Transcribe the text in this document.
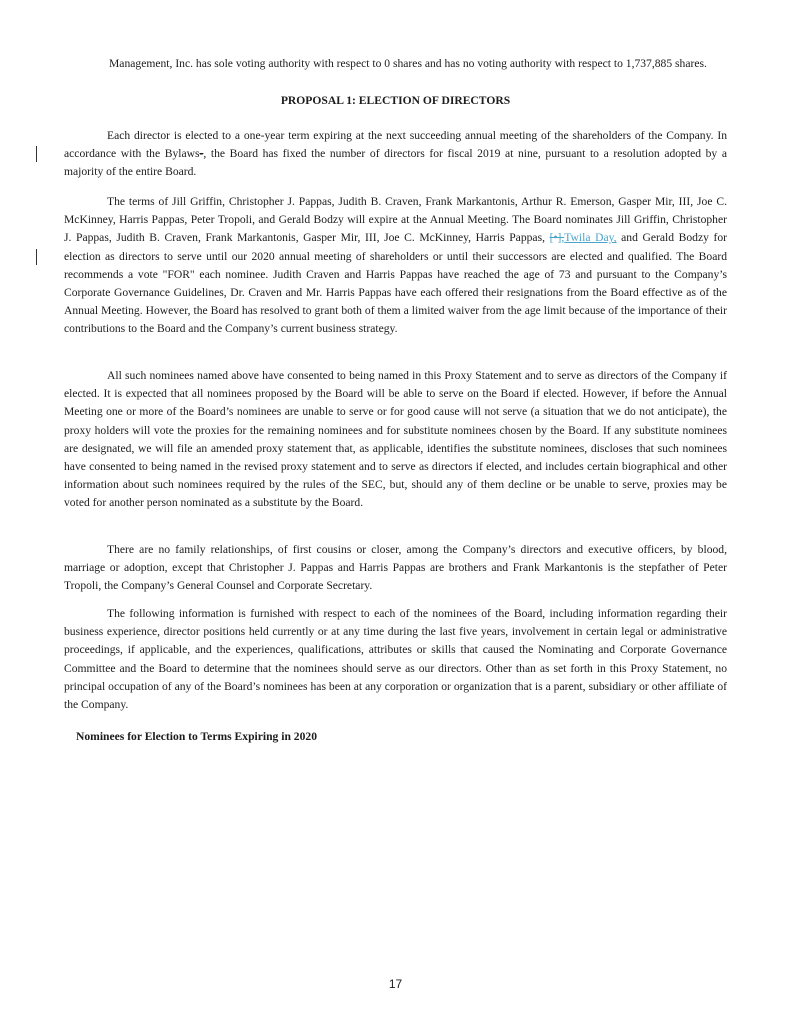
Management, Inc. has sole voting authority with respect to 0 shares and has no voting authority with respect to 1,737,885 shares.

PROPOSAL 1: ELECTION OF DIRECTORS

Each director is elected to a one-year term expiring at the next succeeding annual meeting of the shareholders of the Company. In accordance with the Bylaws-, the Board has fixed the number of directors for fiscal 2019 at nine, pursuant to a resolution adopted by a majority of the entire Board.

The terms of Jill Griffin, Christopher J. Pappas, Judith B. Craven, Frank Markantonis, Arthur R. Emerson, Gasper Mir, III, Joe C. McKinney, Harris Pappas, Peter Tropoli, and Gerald Bodzy will expire at the Annual Meeting. The Board nominates Jill Griffin, Christopher J. Pappas, Judith B. Craven, Frank Markantonis, Gasper Mir, III, Joe C. McKinney, Harris Pappas, [•],Twila Day, and Gerald Bodzy for election as directors to serve until our 2020 annual meeting of shareholders or until their successors are elected and qualified. The Board recommends a vote "FOR" each nominee. Judith Craven and Harris Pappas have reached the age of 73 and pursuant to the Company’s Corporate Governance Guidelines, Dr. Craven and Mr. Harris Pappas have each offered their resignations from the Board effective as of the Annual Meeting. However, the Board has resolved to grant both of them a limited waiver from the age limit because of the importance of their contributions to the Board and the Company’s current business strategy.

All such nominees named above have consented to being named in this Proxy Statement and to serve as directors of the Company if elected. It is expected that all nominees proposed by the Board will be able to serve on the Board if elected. However, if before the Annual Meeting one or more of the Board’s nominees are unable to serve or for good cause will not serve (a situation that we do not anticipate), the proxy holders will vote the proxies for the remaining nominees and for substitute nominees chosen by the Board. If any substitute nominees are designated, we will file an amended proxy statement that, as applicable, identifies the substitute nominees, discloses that such nominees have consented to being named in the revised proxy statement and to serve as directors if elected, and includes certain biographical and other information about such nominees required by the rules of the SEC, but, should any of them decline or be unable to serve, proxies may be voted for another person nominated as a substitute by the Board.

There are no family relationships, of first cousins or closer, among the Company’s directors and executive officers, by blood, marriage or adoption, except that Christopher J. Pappas and Harris Pappas are brothers and Frank Markantonis is the stepfather of Peter Tropoli, the Company’s General Counsel and Corporate Secretary.

The following information is furnished with respect to each of the nominees of the Board, including information regarding their business experience, director positions held currently or at any time during the last five years, involvement in certain legal or administrative proceedings, if applicable, and the experiences, qualifications, attributes or skills that caused the Nominating and Corporate Governance Committee and the Board to determine that the nominees should serve as our directors. Other than as set forth in this Proxy Statement, no principal occupation of any of the Board’s nominees has been at any corporation or organization that is a parent, subsidiary or other affiliate of the Company.

Nominees for Election to Terms Expiring in 2020

17
